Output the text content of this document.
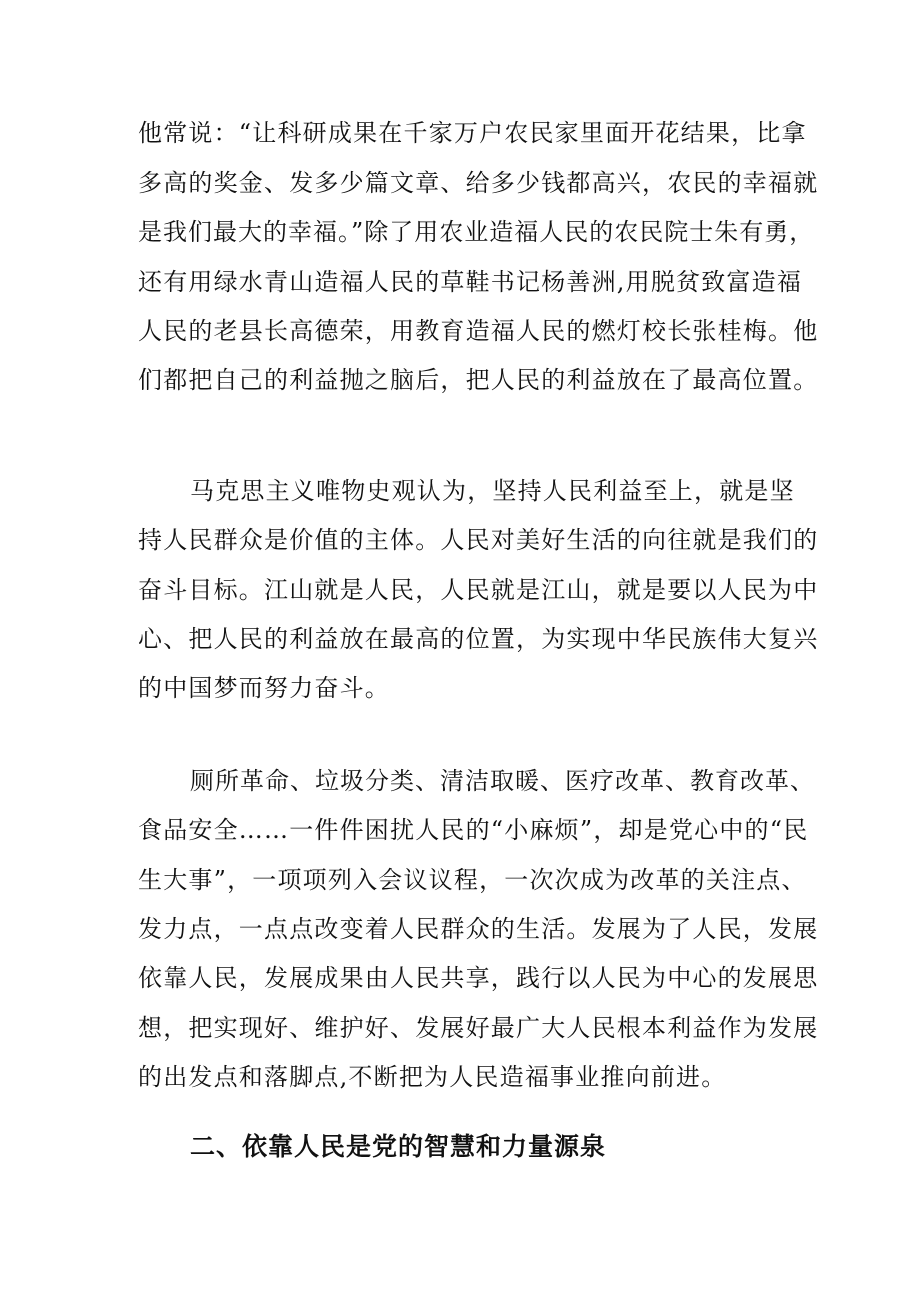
他常说：“让科研成果在千家万户农民家里面开花结果，比拿
多高的奖金、发多少篇文章、给多少钱都高兴，农民的幸福就
是我们最大的幸福。”除了用农业造福人民的农民院士朱有勇，
还有用绿水青山造福人民的草鞋书记杨善洲,用脱贫致富造福
人民的老县长高德荣，用教育造福人民的燃灯校长张桂梅。他
们都把自己的利益抛之脑后，把人民的利益放在了最高位置。
马克思主义唯物史观认为，坚持人民利益至上，就是坚
持人民群众是价值的主体。人民对美好生活的向往就是我们的
奋斗目标。江山就是人民，人民就是江山，就是要以人民为中
心、把人民的利益放在最高的位置，为实现中华民族伟大复兴
的中国梦而努力奋斗。
厕所革命、垃圾分类、清洁取暖、医疗改革、教育改革、
食品安全……一件件困扰人民的“小麻烦”，却是党心中的“民
生大事”，一项项列入会议议程，一次次成为改革的关注点、
发力点，一点点改变着人民群众的生活。发展为了人民，发展
依靠人民，发展成果由人民共享，践行以人民为中心的发展思
想，把实现好、维护好、发展好最广大人民根本利益作为发展
的出发点和落脚点,不断把为人民造福事业推向前进。
二、依靠人民是党的智慧和力量源泉
